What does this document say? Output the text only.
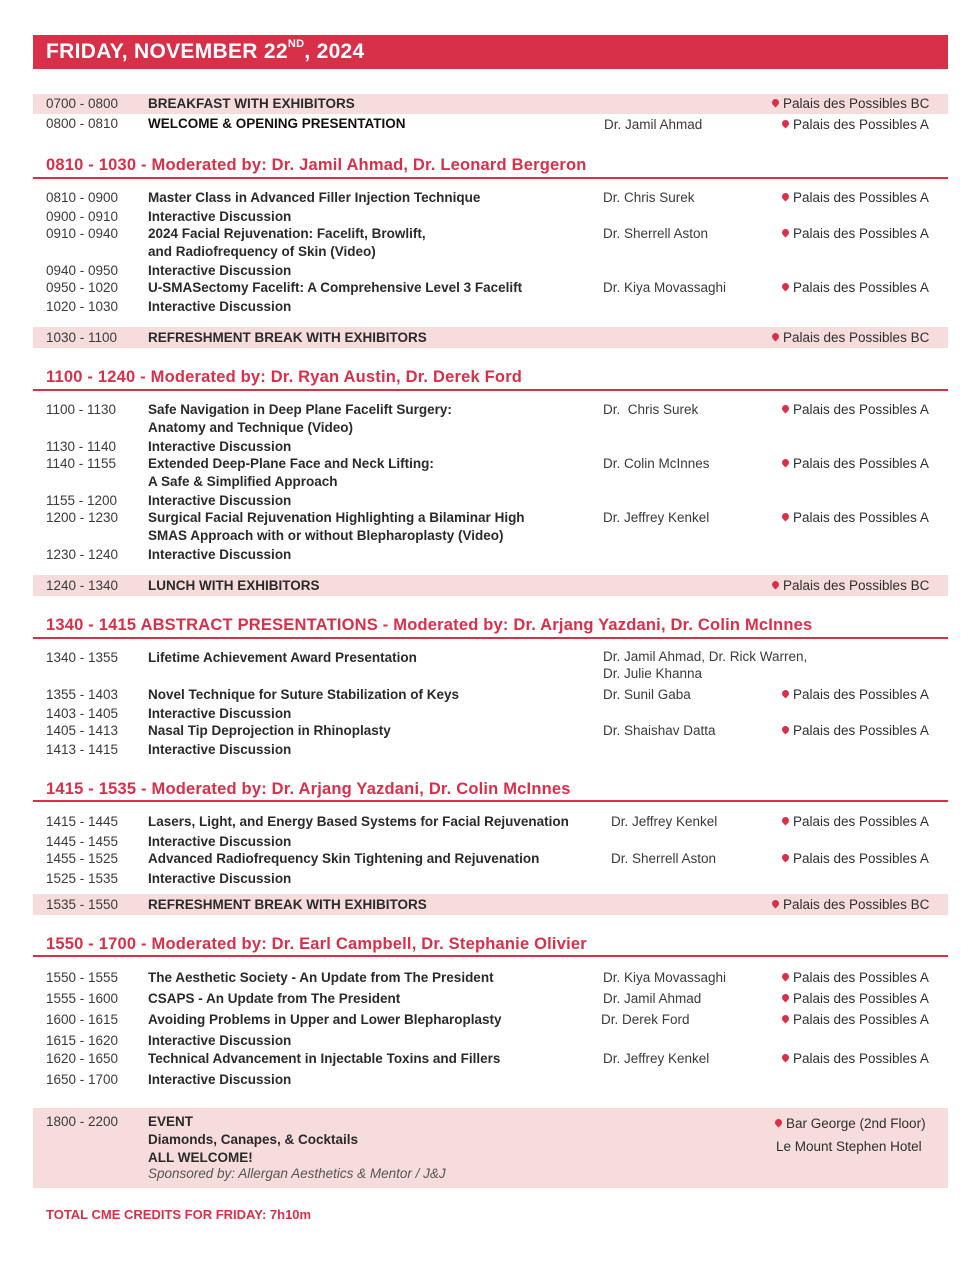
FRIDAY, NOVEMBER 22ND, 2024
0810 - 1030 - Moderated by: Dr. Jamil Ahmad, Dr. Leonard Bergeron
1100 - 1240 - Moderated by: Dr. Ryan Austin, Dr. Derek Ford
1340 - 1415 ABSTRACT PRESENTATIONS - Moderated by: Dr. Arjang Yazdani, Dr. Colin McInnes
1415 - 1535 - Moderated by: Dr. Arjang Yazdani, Dr. Colin McInnes
1550 - 1700 - Moderated by: Dr. Earl Campbell, Dr. Stephanie Olivier
0700 - 0800 BREAKFAST WITH EXHIBITORS	Palais des Possibles BC
0800 - 0810 WELCOME & OPENING PRESENTATION	Dr. Jamil Ahmad	Palais des Possibles A
0810 - 0900 Master Class in Advanced Filler Injection Technique	Dr. Chris Surek	Palais des Possibles A
0900 - 0910 Interactive Discussion
0910 - 0940 2024 Facial Rejuvenation: Facelift, Browlift,
and Radiofrequency of Skin (Video)
Dr. Sherrell Aston	Palais des Possibles A
0940 - 0950 Interactive Discussion
0950 - 1020 U-SMASectomy Facelift: A Comprehensive Level 3 Facelift	Dr. Kiya Movassaghi	Palais des Possibles A
1020 - 1030 Interactive Discussion
1030 - 1100 REFRESHMENT BREAK WITH EXHIBITORS	Palais des Possibles BC
1100 - 1130 Safe Navigation in Deep Plane Facelift Surgery:
Anatomy and Technique (Video)
Dr.  Chris Surek	Palais des Possibles A
1130 - 1140 Interactive Discussion
1140 - 1155 Extended Deep-Plane Face and Neck Lifting:
A Safe & Simplified Approach
Dr. Colin McInnes	Palais des Possibles A
1155 - 1200 Interactive Discussion
1200 - 1230 Surgical Facial Rejuvenation Highlighting a Bilaminar High
SMAS Approach with or without Blepharoplasty (Video)
Dr. Jeffrey Kenkel	Palais des Possibles A
1230 - 1240 Interactive Discussion
1240 - 1340 LUNCH WITH EXHIBITORS	Palais des Possibles BC
1340 - 1355 Lifetime Achievement Award Presentation	Dr. Jamil Ahmad, Dr. Rick Warren,
Dr. Julie Khanna
1355 - 1403 Novel Technique for Suture Stabilization of Keys	Dr. Sunil Gaba	Palais des Possibles A
1403 - 1405 Interactive Discussion
1405 - 1413 Nasal Tip Deprojection in Rhinoplasty	Dr. Shaishav Datta	Palais des Possibles A
1413 - 1415 Interactive Discussion
1415 - 1445 Lasers, Light, and Energy Based Systems for Facial Rejuvenation	Dr. Jeffrey Kenkel	Palais des Possibles A
1445 - 1455 Interactive Discussion
1455 - 1525 Advanced Radiofrequency Skin Tightening and Rejuvenation	Dr. Sherrell Aston	Palais des Possibles A
1525 - 1535 Interactive Discussion
1535 - 1550 REFRESHMENT BREAK WITH EXHIBITORS	Palais des Possibles BC
1550 - 1555 The Aesthetic Society - An Update from The President	Dr. Kiya Movassaghi	Palais des Possibles A
1555 - 1600 CSAPS - An Update from The President	Dr. Jamil Ahmad	Palais des Possibles A
1600 - 1615 Avoiding Problems in Upper and Lower Blepharoplasty	Dr. Derek Ford	Palais des Possibles A
1615 - 1620 Interactive Discussion
1620 - 1650 Technical Advancement in Injectable Toxins and Fillers	Dr. Jeffrey Kenkel	Palais des Possibles A
1650 - 1700 Interactive Discussion
1800 - 2200 EVENT
Diamonds, Canapes, & Cocktails
ALL WELCOME!
Sponsored by: Allergan Aesthetics & Mentor / J&J
Bar George (2nd Floor)
Le Mount Stephen Hotel
TOTAL CME CREDITS FOR FRIDAY: 7h10m
